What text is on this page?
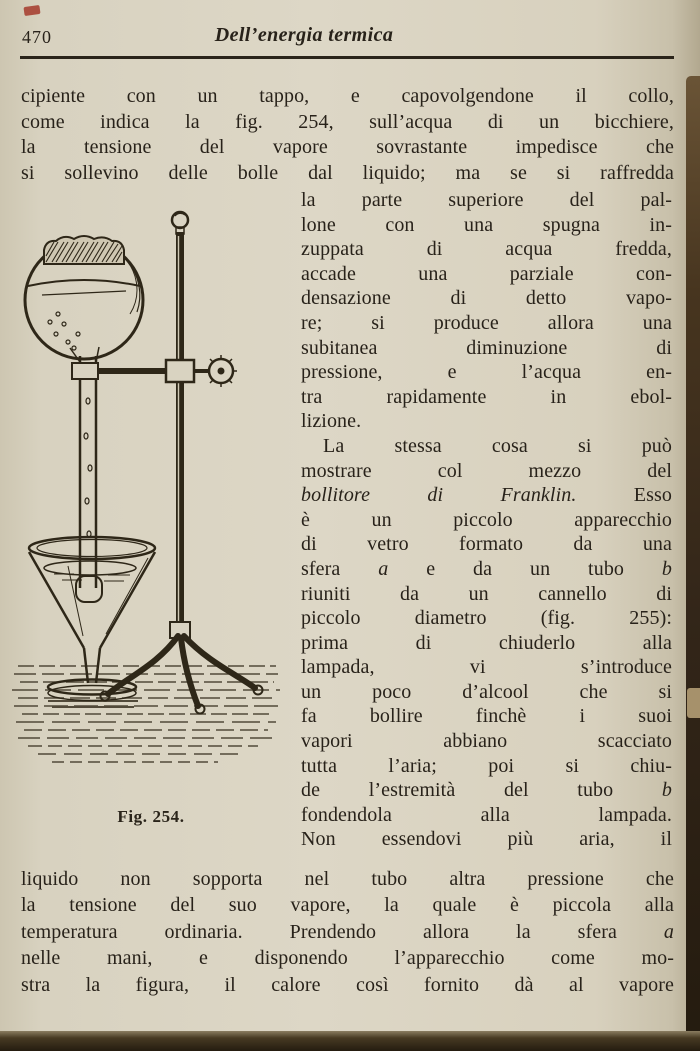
470	Dell’energia termica
cipiente con un tappo, e capovolgendone il collo,
come indica la fig. 254, sull’acqua di un bicchiere,
la tensione del vapore sovrastante impedisce che
si sollevino delle bolle dal liquido; ma se si raffredda
Fig. 254.
la parte superiore del pal-
lone con una spugna in-
zuppata di acqua fredda,
accade una parziale con-
densazione di detto vapo-
re; si produce allora una
subitanea diminuzione di
pressione, e l’acqua en-
tra rapidamente in ebol-
lizione.
La stessa cosa si può
mostrare col mezzo del
bollitore di Franklin. Esso
è un piccolo apparecchio
di vetro formato da una
sfera a e da un tubo b
riuniti da un cannello di
piccolo diametro (fig. 255):
prima di chiuderlo alla
lampada, vi s’introduce
un poco d’alcool che si
fa bollire finchè i suoi
vapori abbiano scacciato
tutta l’aria; poi si chiu-
de l’estremità del tubo b
fondendola alla lampada.
Non essendovi più aria, il
liquido non sopporta nel tubo altra pressione che
la tensione del suo vapore, la quale è piccola alla
temperatura ordinaria. Prendendo allora la sfera a
nelle mani, e disponendo l’apparecchio come mo-
stra la figura, il calore così fornito dà al vapore
